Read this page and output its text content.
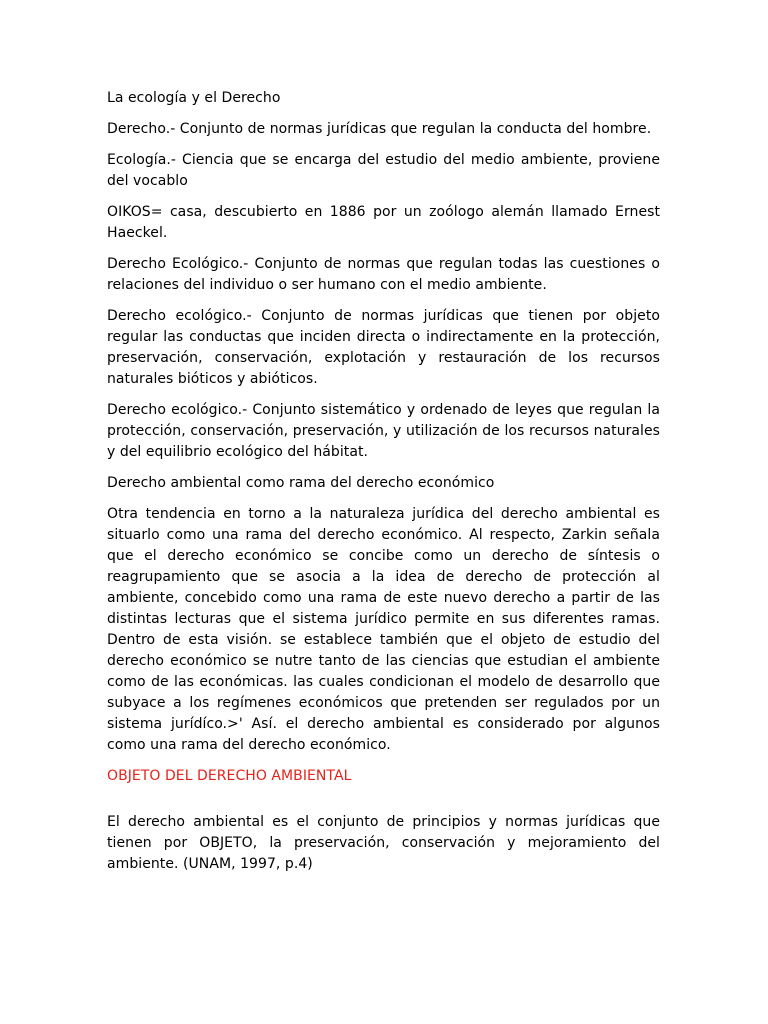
La ecología y el Derecho

Derecho.- Conjunto de normas jurídicas que regulan la conducta del hombre.

Ecología.- Ciencia que se encarga del estudio del medio ambiente, proviene del vocablo

OIKOS= casa, descubierto en 1886 por un zoólogo alemán llamado Ernest Haeckel.

Derecho Ecológico.- Conjunto de normas que regulan todas las cuestiones o relaciones del individuo o ser humano con el medio ambiente.

Derecho ecológico.- Conjunto de normas jurídicas que tienen por objeto regular las conductas que inciden directa o indirectamente en la protección, preservación, conservación, explotación y restauración de los recursos naturales bióticos y abióticos.

Derecho ecológico.- Conjunto sistemático y ordenado de leyes que regulan la protección, conservación, preservación, y utilización de los recursos naturales y del equilibrio ecológico del hábitat.

Derecho ambiental como rama del derecho económico

Otra tendencia en torno a la naturaleza jurídica del derecho ambiental es situarlo como una rama del derecho económico. Al respecto, Zarkin señala que el derecho económico se concibe como un derecho de síntesis o reagrupamiento que se asocia a la idea de derecho de protección al ambiente, concebido como una rama de este nuevo derecho a partir de las distintas lecturas que el sistema jurídico permite en sus diferentes ramas. Dentro de esta visión. se establece también que el objeto de estudio del derecho económico se nutre tanto de las ciencias que estudian el ambiente como de las económicas. las cuales condicionan el modelo de desarrollo que subyace a los regímenes económicos que pretenden ser regulados por un sistema jurídíco.>' Así. el derecho ambiental es considerado por algunos como una rama del derecho económico.

OBJETO DEL DERECHO AMBIENTAL

El derecho ambiental es el conjunto de principios y normas jurídicas que tienen por OBJETO, la preservación, conservación y mejoramiento del ambiente. (UNAM, 1997, p.4)
